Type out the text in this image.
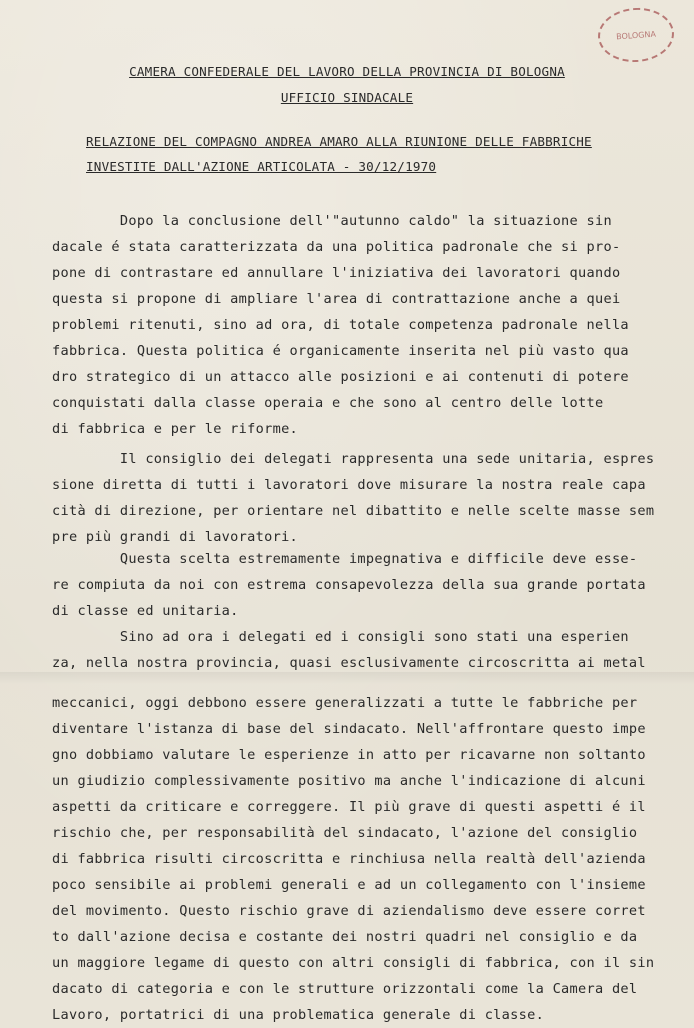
BOLOGNA
CAMERA CONFEDERALE DEL LAVORO DELLA PROVINCIA DI BOLOGNA
UFFICIO SINDACALE
RELAZIONE DEL COMPAGNO ANDREA AMARO ALLA RIUNIONE DELLE FABBRICHE
INVESTITE DALL'AZIONE ARTICOLATA - 30/12/1970
Dopo la conclusione dell'"autunno caldo" la situazione sin
dacale é stata caratterizzata da una politica padronale che si pro-
pone di contrastare ed annullare l'iniziativa dei lavoratori quando
questa si propone di ampliare l'area di contrattazione anche a quei
problemi ritenuti, sino ad ora, di totale competenza padronale nella
fabbrica. Questa politica é organicamente inserita nel più vasto qua
dro strategico di un attacco alle posizioni e ai contenuti di potere
conquistati dalla classe operaia e che sono al centro delle lotte
di fabbrica e per le riforme.
Il consiglio dei delegati rappresenta una sede unitaria, espres
sione diretta di tutti i lavoratori dove misurare la nostra reale capa
cità di direzione, per orientare nel dibattito e nelle scelte masse sem
pre più grandi di lavoratori.
Questa scelta estremamente impegnativa e difficile deve esse-
re compiuta da noi con estrema consapevolezza della sua grande portata
di classe ed unitaria.
Sino ad ora i delegati ed i consigli sono stati una esperien
za, nella nostra provincia, quasi esclusivamente circoscritta ai metal
meccanici, oggi debbono essere generalizzati a tutte le fabbriche per
diventare l'istanza di base del sindacato. Nell'affrontare questo impe
gno dobbiamo valutare le esperienze in atto per ricavarne non soltanto
un giudizio complessivamente positivo ma anche l'indicazione di alcuni
aspetti da criticare e correggere. Il più grave di questi aspetti é il
rischio che, per responsabilità del sindacato, l'azione del consiglio
di fabbrica risulti circoscritta e rinchiusa nella realtà dell'azienda
poco sensibile ai problemi generali e ad un collegamento con l'insieme
del movimento. Questo rischio grave di aziendalismo deve essere corret
to dall'azione decisa e costante dei nostri quadri nel consiglio e da
un maggiore legame di questo con altri consigli di fabbrica, con il sin
dacato di categoria e con le strutture orizzontali come la Camera del
Lavoro, portatrici di una problematica generale di classe.
